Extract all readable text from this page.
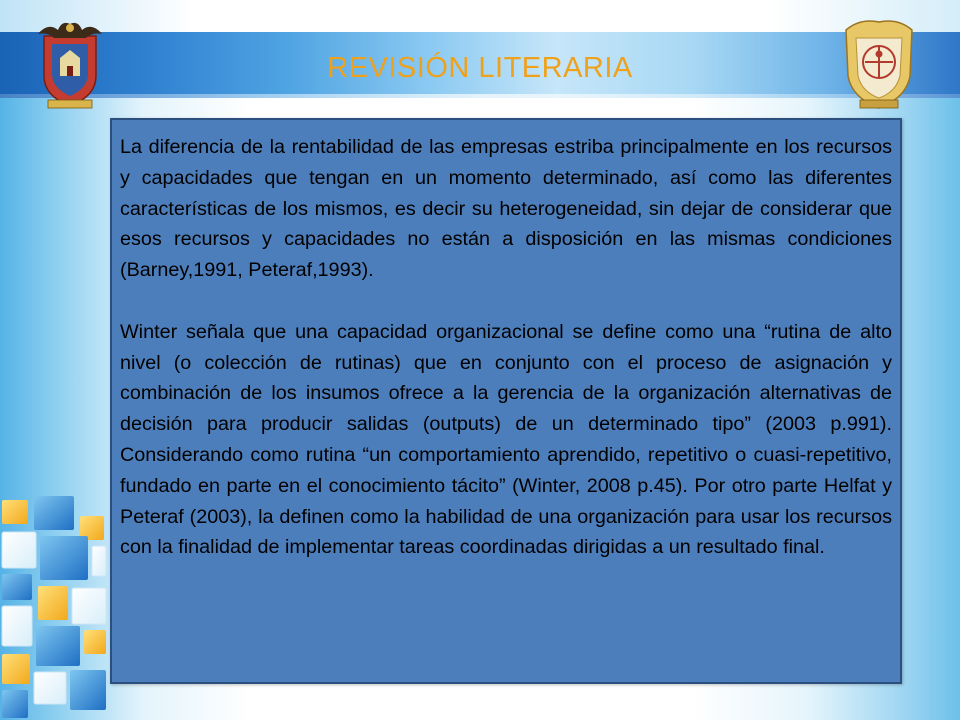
REVISIÓN LITERARIA

La diferencia de la rentabilidad de las empresas estriba principalmente en los recursos y capacidades que tengan en un momento determinado, así como las diferentes características de los mismos, es decir su heterogeneidad, sin dejar de considerar que esos recursos y capacidades no están a disposición en las mismas condiciones (Barney,1991, Peteraf,1993).

Winter señala que una capacidad organizacional se define como una “rutina de alto nivel (o colección de rutinas) que en conjunto con el proceso de asignación y combinación de los insumos ofrece a la gerencia de la organización alternativas de decisión para producir salidas (outputs) de un determinado tipo” (2003 p.991). Considerando como rutina “un comportamiento aprendido, repetitivo o cuasi-repetitivo, fundado en parte en el conocimiento tácito” (Winter, 2008 p.45). Por otro parte Helfat y Peteraf (2003), la definen como la habilidad de una organización para usar los recursos con la finalidad de implementar tareas coordinadas dirigidas a un resultado final.
